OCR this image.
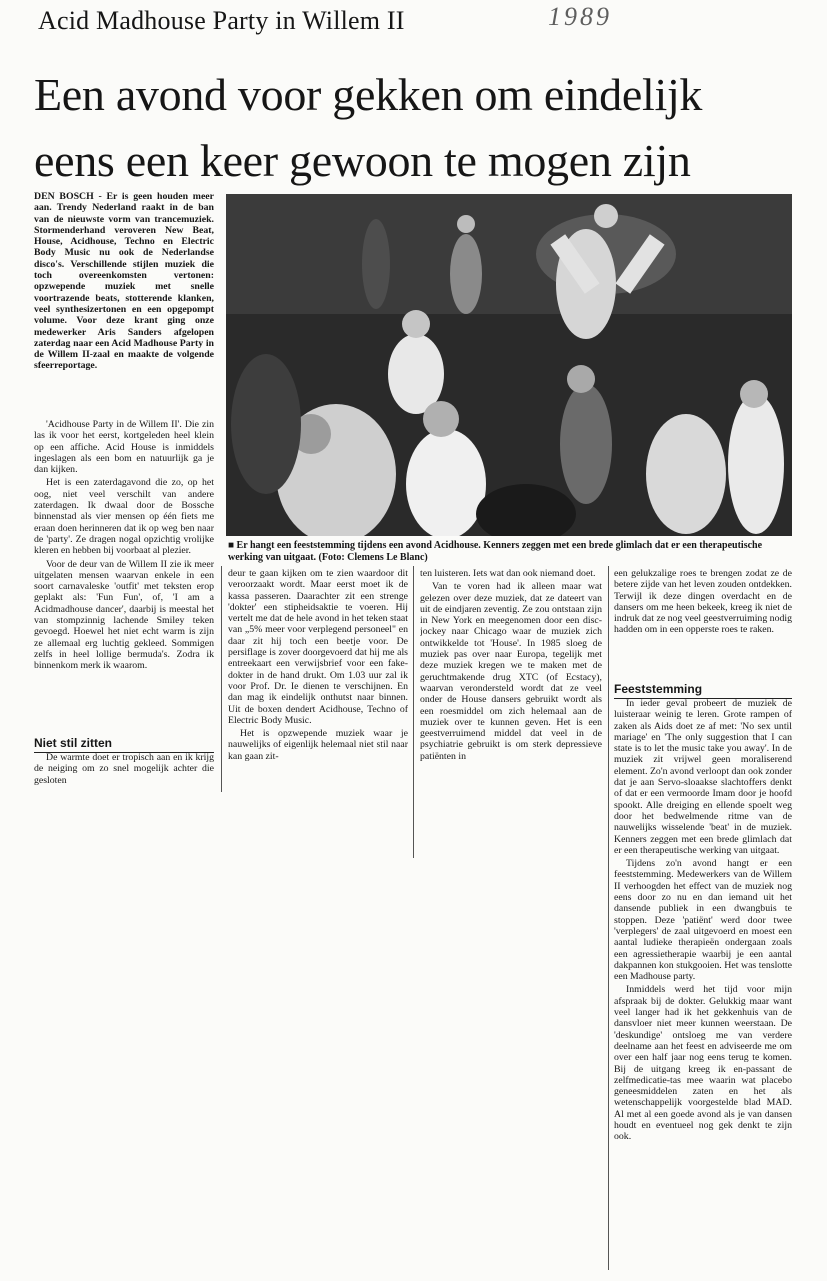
Acid Madhouse Party in Willem II	1989
Een avond voor gekken om eindelijk
eens een keer gewoon te mogen zijn

DEN BOSCH - Er is geen houden meer aan. Trendy Nederland raakt in de ban van de nieuwste vorm van trancemuziek. Stormenderhand veroveren New Beat, House, Acidhouse, Techno en Electric Body Music nu ook de Nederlandse disco's. Verschillende stijlen muziek die toch overeenkomsten vertonen: opzwepende muziek met snelle voortrazende beats, stotterende klanken, veel synthesizertonen en een opgepompt volume. Voor deze krant ging onze medewerker Aris Sanders afgelopen zaterdag naar een Acid Madhouse Party in de Willem II-zaal en maakte de volgende sfeerreportage.

'Acidhouse Party in de Willem II'. Die zin las ik voor het eerst, kortgeleden heel klein op een affiche. Acid House is inmiddels ingeslagen als een bom en natuurlijk ga je dan kijken.

Het is een zaterdagavond die zo, op het oog, niet veel verschilt van andere zaterdagen. Ik dwaal door de Bossche binnenstad als vier mensen op één fiets me eraan doen herinneren dat ik op weg ben naar de 'party'. Ze dragen nogal opzichtig vrolijke kleren en hebben bij voorbaat al plezier.

Voor de deur van de Willem II zie ik meer uitgelaten mensen waarvan enkele in een soort carnavaleske 'outfit' met teksten erop geplakt als: 'Fun Fun', of, 'I am a Acidmadhouse dancer', daarbij is meestal het van stompzinnig lachende Smiley teken gevoegd. Hoewel het niet echt warm is zijn ze allemaal erg luchtig gekleed. Sommigen zelfs in heel lollige bermuda's. Zodra ik binnenkom merk ik waarom.

Niet stil zitten

De warmte doet er tropisch aan en ik krijg de neiging om zo snel mogelijk achter die gesloten

■ Er hangt een feeststemming tijdens een avond Acidhouse. Kenners zeggen met een brede glimlach dat er een therapeutische werking van uitgaat. (Foto: Clemens Le Blanc)

deur te gaan kijken om te zien waardoor dit veroorzaakt wordt. Maar eerst moet ik de kassa passeren. Daarachter zit een strenge 'dokter' een stipheidsaktie te voeren. Hij vertelt me dat de hele avond in het teken staat van „5% meer voor verplegend personeel" en daar zit hij toch een beetje voor. De persiflage is zover doorgevoerd dat hij me als entreekaart een verwijsbrief voor een fake-dokter in de hand drukt. Om 1.03 uur zal ik voor Prof. Dr. Ie dienen te verschijnen. En dan mag ik eindelijk onthutst naar binnen. Uit de boxen dendert Acidhouse, Techno of Electric Body Music.

Het is opzwepende muziek waar je nauwelijks of eigenlijk helemaal niet stil naar kan gaan zit-

ten luisteren. Iets wat dan ook niemand doet.

Van te voren had ik alleen maar wat gelezen over deze muziek, dat ze dateert van uit de eindjaren zeventig. Ze zou ontstaan zijn in New York en meegenomen door een disc-jockey naar Chicago waar de muziek zich ontwikkelde tot 'House'. In 1985 sloeg de muziek pas over naar Europa, tegelijk met deze muziek kregen we te maken met de geruchtmakende drug XTC (of Ecstacy), waarvan verondersteld wordt dat ze veel onder de House dansers gebruikt wordt als een roesmiddel om zich helemaal aan de muziek over te kunnen geven. Het is een geestverruimend middel dat veel in de psychiatrie gebruikt is om sterk depressieve patiënten in

een gelukzalige roes te brengen zodat ze de betere zijde van het leven zouden ontdekken. Terwijl ik deze dingen overdacht en de dansers om me heen bekeek, kreeg ik niet de indruk dat ze nog veel geestverruiming nodig hadden om in een opperste roes te raken.

Feeststemming

In ieder geval probeert de muziek de luisteraar weinig te leren. Grote rampen of zaken als Aids doet ze af met: 'No sex until mariage' en 'The only suggestion that I can state is to let the music take you away'. In de muziek zit vrijwel geen moraliserend element. Zo'n avond verloopt dan ook zonder dat je aan Servo-sloaakse slachtoffers denkt of dat er een vermoorde Imam door je hoofd spookt. Alle dreiging en ellende spoelt weg door het bedwelmende ritme van de nauwelijks wisselende 'beat' in de muziek. Kenners zeggen met een brede glimlach dat er een therapeutische werking van uitgaat.

Tijdens zo'n avond hangt er een feeststemming. Medewerkers van de Willem II verhoogden het effect van de muziek nog eens door zo nu en dan iemand uit het dansende publiek in een dwangbuis te stoppen. Deze 'patiënt' werd door twee 'verplegers' de zaal uitgevoerd en moest een aantal ludieke therapieën ondergaan zoals een agressietherapie waarbij je een aantal dakpannen kon stukgooien. Het was tenslotte een Madhouse party.

Inmiddels werd het tijd voor mijn afspraak bij de dokter. Gelukkig maar want veel langer had ik het gekkenhuis van de dansvloer niet meer kunnen weerstaan. De 'deskundige' ontsloeg me van verdere deelname aan het feest en adviseerde me om over een half jaar nog eens terug te komen. Bij de uitgang kreeg ik en-passant de zelfmedicatie-tas mee waarin wat placebo geneesmiddelen zaten en het als wetenschappelijk voorgestelde blad MAD. Al met al een goede avond als je van dansen houdt en eventueel nog gek denkt te zijn ook.
